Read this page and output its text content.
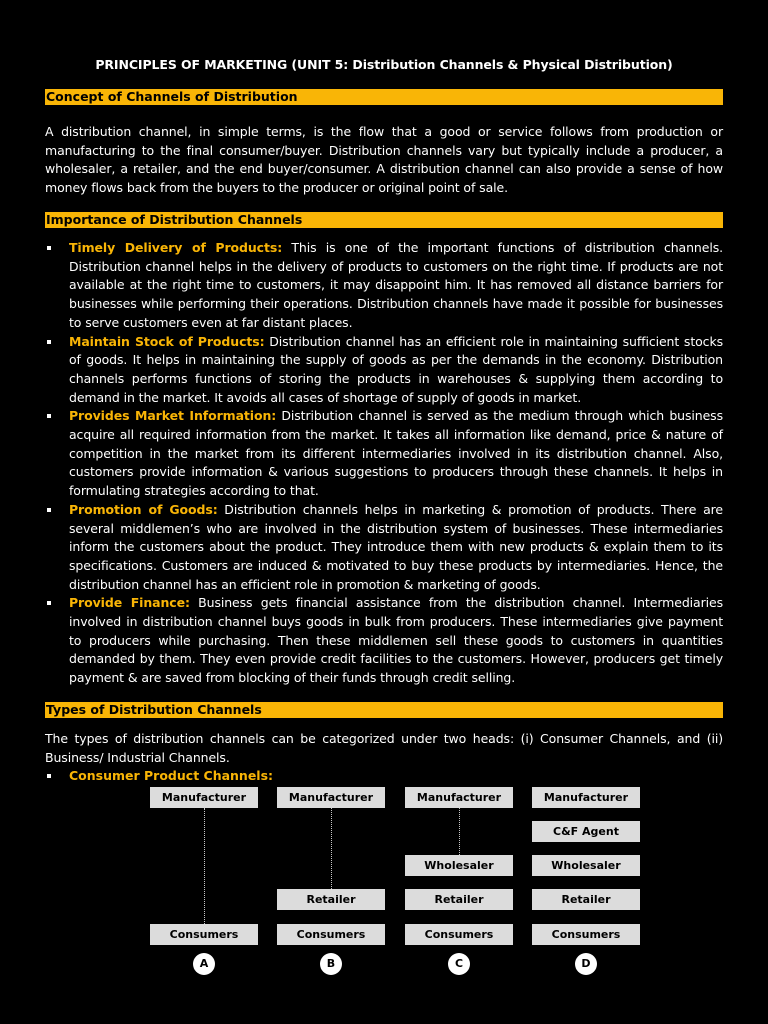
PRINCIPLES OF MARKETING (UNIT 5: Distribution Channels & Physical Distribution)
Concept of Channels of Distribution
A distribution channel, in simple terms, is the flow that a good or service follows from production or manufacturing to the final consumer/buyer. Distribution channels vary but typically include a producer, a wholesaler, a retailer, and the end buyer/consumer. A distribution channel can also provide a sense of how money flows back from the buyers to the producer or original point of sale.
Importance of Distribution Channels
Timely Delivery of Products: This is one of the important functions of distribution channels. Distribution channel helps in the delivery of products to customers on the right time. If products are not available at the right time to customers, it may disappoint him. It has removed all distance barriers for businesses while performing their operations. Distribution channels have made it possible for businesses to serve customers even at far distant places.
Maintain Stock of Products: Distribution channel has an efficient role in maintaining sufficient stocks of goods. It helps in maintaining the supply of goods as per the demands in the economy. Distribution channels performs functions of storing the products in warehouses & supplying them according to demand in the market. It avoids all cases of shortage of supply of goods in market.
Provides Market Information: Distribution channel is served as the medium through which business acquire all required information from the market. It takes all information like demand, price & nature of competition in the market from its different intermediaries involved in its distribution channel. Also, customers provide information & various suggestions to producers through these channels. It helps in formulating strategies according to that.
Promotion of Goods: Distribution channels helps in marketing & promotion of products. There are several middlemen’s who are involved in the distribution system of businesses. These intermediaries inform the customers about the product. They introduce them with new products & explain them to its specifications. Customers are induced & motivated to buy these products by intermediaries. Hence, the distribution channel has an efficient role in promotion & marketing of goods.
Provide Finance: Business gets financial assistance from the distribution channel. Intermediaries involved in distribution channel buys goods in bulk from producers. These intermediaries give payment to producers while purchasing. Then these middlemen sell these goods to customers in quantities demanded by them. They even provide credit facilities to the customers. However, producers get timely payment & are saved from blocking of their funds through credit selling.
Types of Distribution Channels
The types of distribution channels can be categorized under two heads: (i) Consumer Channels, and (ii) Business/ Industrial Channels.
Consumer Product Channels:
Manufacturer
Consumers
A
Manufacturer
Retailer
Consumers
B
Manufacturer
Wholesaler
Retailer
Consumers
C
Manufacturer
C&F Agent
Wholesaler
Retailer
Consumers
D
